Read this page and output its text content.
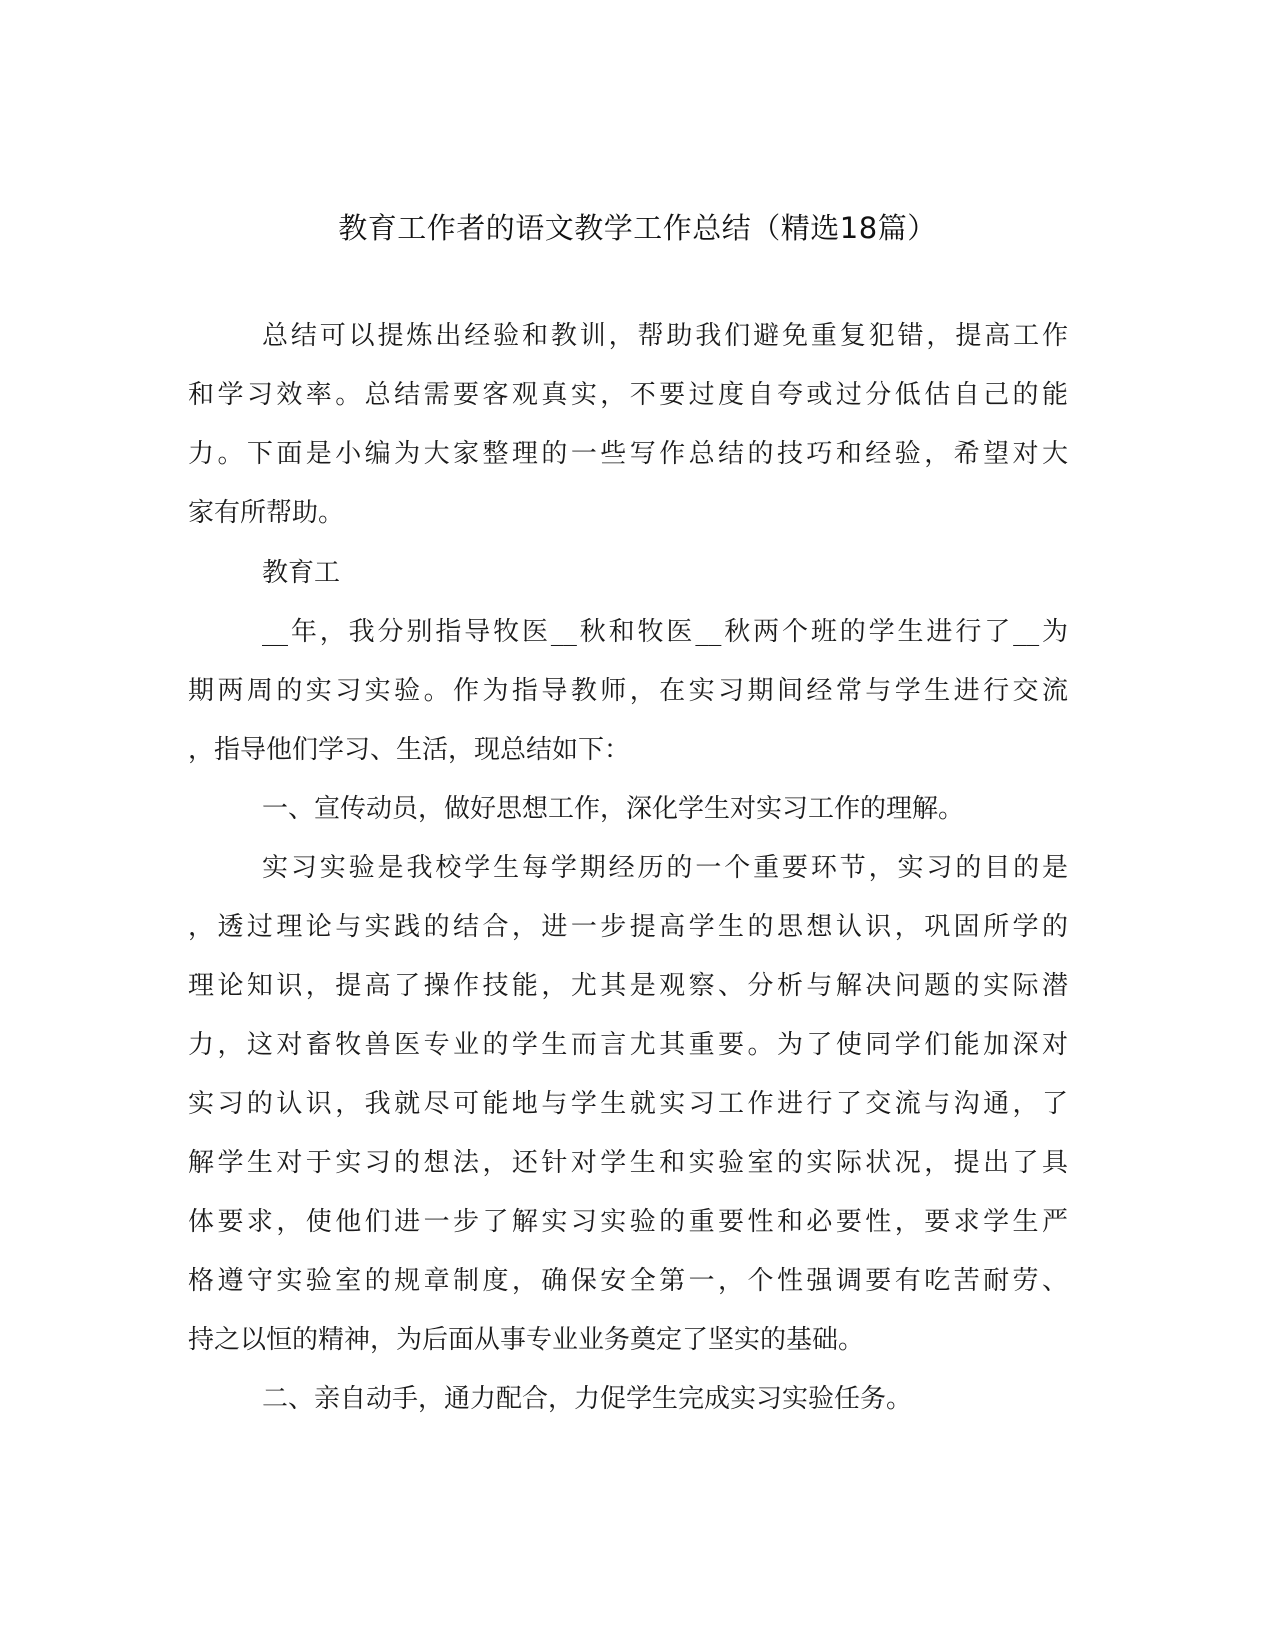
教育工作者的语文教学工作总结（精选18篇）
总结可以提炼出经验和教训，帮助我们避免重复犯错，提高工作
和学习效率。总结需要客观真实，不要过度自夸或过分低估自己的能
力。下面是小编为大家整理的一些写作总结的技巧和经验，希望对大
家有所帮助。
教育工
__年，我分别指导牧医__秋和牧医__秋两个班的学生进行了__为
期两周的实习实验。作为指导教师，在实习期间经常与学生进行交流
，指导他们学习、生活，现总结如下：
一、宣传动员，做好思想工作，深化学生对实习工作的理解。
实习实验是我校学生每学期经历的一个重要环节，实习的目的是
，透过理论与实践的结合，进一步提高学生的思想认识，巩固所学的
理论知识，提高了操作技能，尤其是观察、分析与解决问题的实际潜
力，这对畜牧兽医专业的学生而言尤其重要。为了使同学们能加深对
实习的认识，我就尽可能地与学生就实习工作进行了交流与沟通，了
解学生对于实习的想法，还针对学生和实验室的实际状况，提出了具
体要求，使他们进一步了解实习实验的重要性和必要性，要求学生严
格遵守实验室的规章制度，确保安全第一，个性强调要有吃苦耐劳、
持之以恒的精神，为后面从事专业业务奠定了坚实的基础。
二、亲自动手，通力配合，力促学生完成实习实验任务。
